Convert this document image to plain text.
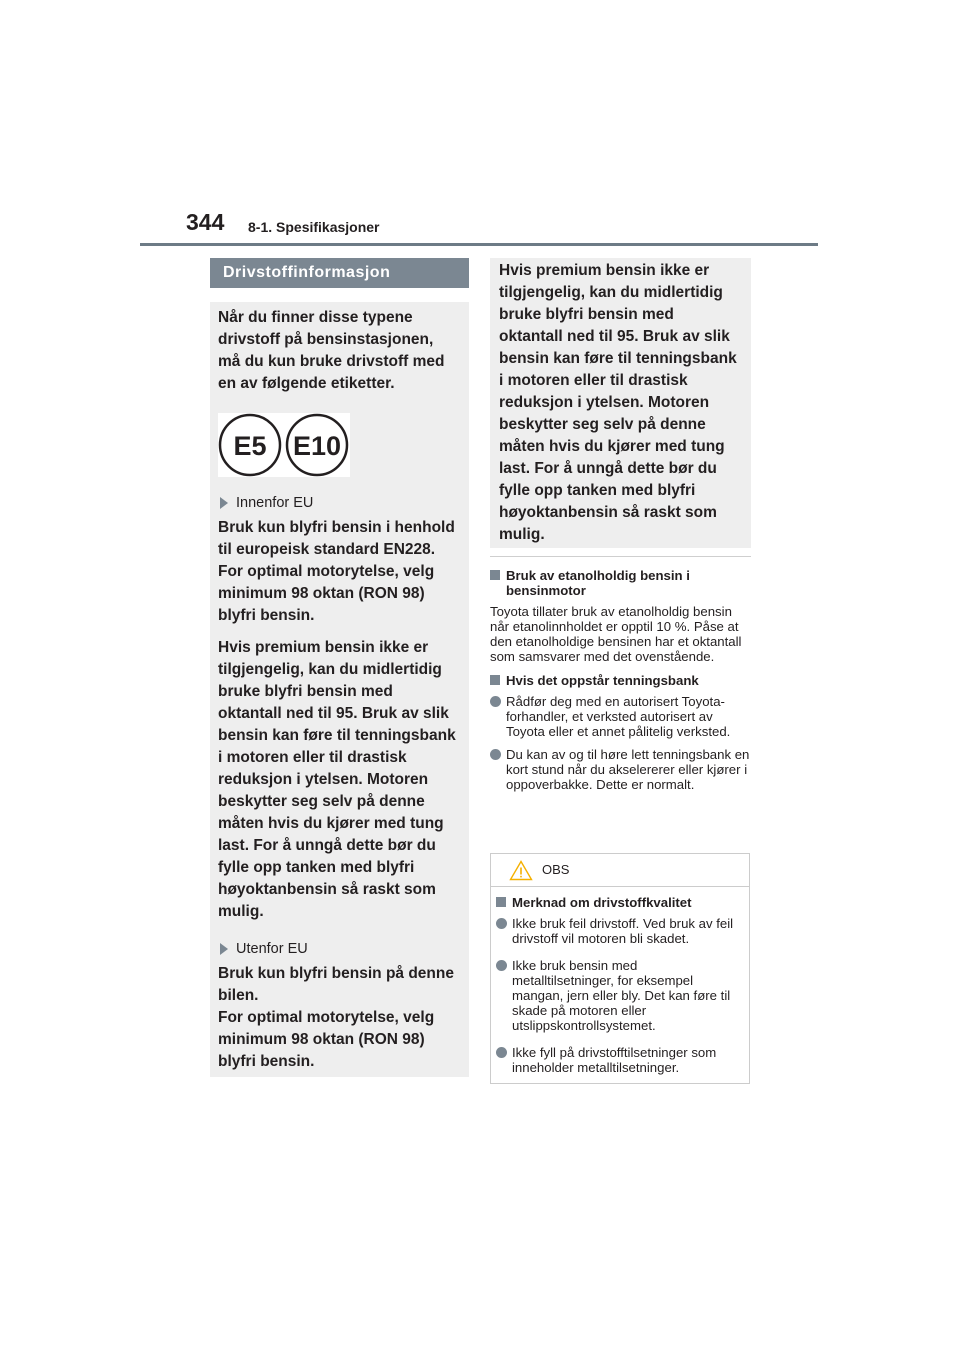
344 8-1. Spesifikasjoner
Drivstoffinformasjon

Når du finner disse typene drivstoff på bensinstasjonen, må du kun bruke drivstoff med en av følgende etiketter.

E5 E10
Innenfor EU

Bruk kun blyfri bensin i henhold til europeisk standard EN228.

For optimal motorytelse, velg minimum 98 oktan (RON 98) blyfri bensin.

Hvis premium bensin ikke er tilgjengelig, kan du midlertidig bruke blyfri bensin med oktantall ned til 95. Bruk av slik bensin kan føre til tenningsbank i motoren eller til drastisk reduksjon i ytelsen. Motoren beskytter seg selv på denne måten hvis du kjører med tung last. For å unngå dette bør du fylle opp tanken med blyfri høyoktanbensin så raskt som mulig.

Utenfor EU

Bruk kun blyfri bensin på denne bilen.

For optimal motorytelse, velg minimum 98 oktan (RON 98) blyfri bensin.

Hvis premium bensin ikke er tilgjengelig, kan du midlertidig bruke blyfri bensin med oktantall ned til 95. Bruk av slik bensin kan føre til tenningsbank i motoren eller til drastisk reduksjon i ytelsen. Motoren beskytter seg selv på denne måten hvis du kjører med tung last. For å unngå dette bør du fylle opp tanken med blyfri høyoktanbensin så raskt som mulig.

Bruk av etanolholdig bensin i bensinmotor

Toyota tillater bruk av etanolholdig bensin når etanolinnholdet er opptil 10 %. Påse at den etanolholdige bensinen har et oktantall som samsvarer med det ovenstående.

Hvis det oppstår tenningsbank
Rådfør deg med en autorisert Toyota-forhandler, et verksted autorisert av Toyota eller et annet pålitelig verksted.
Du kan av og til høre lett tenningsbank en kort stund når du akselererer eller kjører i oppoverbakke. Dette er normalt.
OBS
Merknad om drivstoffkvalitet
Ikke bruk feil drivstoff. Ved bruk av feil drivstoff vil motoren bli skadet.
Ikke bruk bensin med metalltilsetninger, for eksempel mangan, jern eller bly. Det kan føre til skade på motoren eller utslippskontrollsystemet.
Ikke fyll på drivstofftilsetninger som inneholder metalltilsetninger.
